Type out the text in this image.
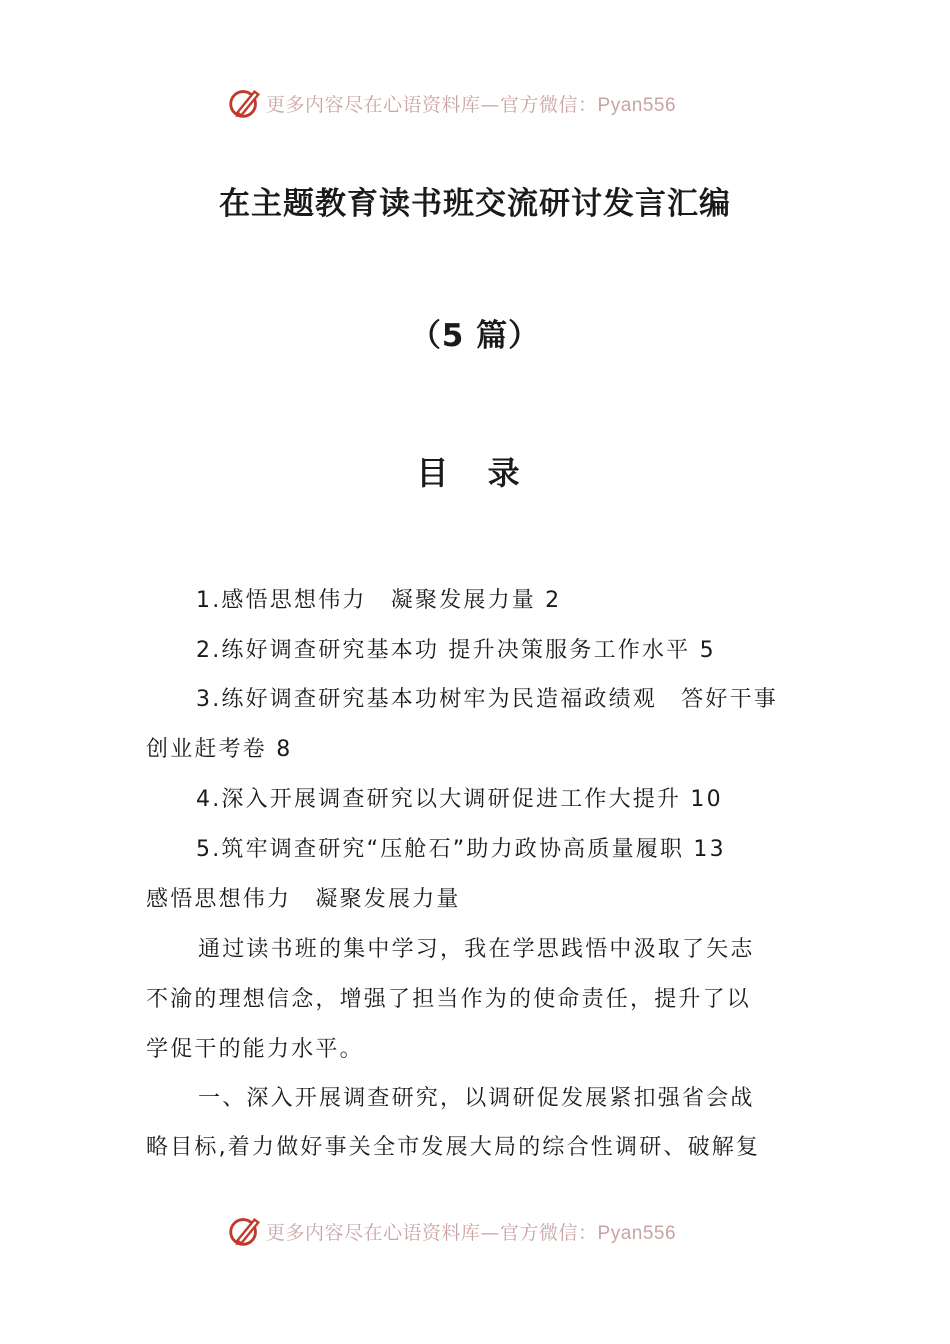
更多内容尽在心语资料库—官方微信：Pyan556
在主题教育读书班交流研讨发言汇编
（5 篇）
目 录

1.感悟思想伟力　凝聚发展力量 2

2.练好调查研究基本功 提升决策服务工作水平 5

3.练好调查研究基本功树牢为民造福政绩观　答好干事

创业赶考卷 8

4.深入开展调查研究以大调研促进工作大提升 10

5.筑牢调查研究“压舱石”助力政协高质量履职 13

感悟思想伟力　凝聚发展力量

通过读书班的集中学习，我在学思践悟中汲取了矢志

不渝的理想信念，增强了担当作为的使命责任，提升了以

学促干的能力水平。

一、深入开展调查研究，以调研促发展紧扣强省会战

略目标,着力做好事关全市发展大局的综合性调研、破解复

更多内容尽在心语资料库—官方微信：Pyan556
